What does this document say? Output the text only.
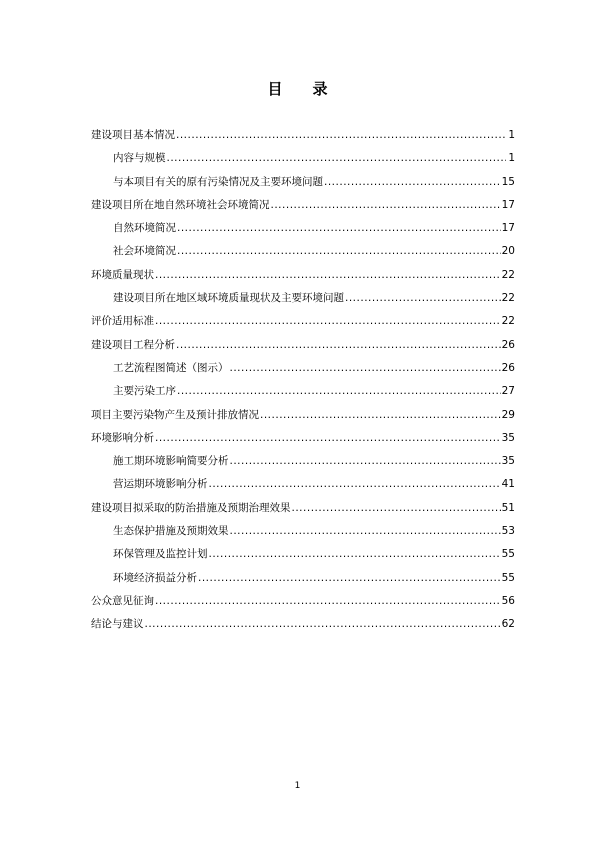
目 录
建设项目基本情况 .....	1
内容与规模 .....	1
与本项目有关的原有污染情况及主要环境问题 .....	15
建设项目所在地自然环境社会环境简况 .....	17
自然环境简况 .....	17
社会环境简况 .....	20
环境质量现状 .....	22
建设项目所在地区域环境质量现状及主要环境问题 .....	22
评价适用标准 .....	22
建设项目工程分析 .....	26
工艺流程图简述（图示） .....	26
主要污染工序 .....	27
项目主要污染物产生及预计排放情况 .....	29
环境影响分析 .....	35
施工期环境影响简要分析 .....	35
营运期环境影响分析 .....	41
建设项目拟采取的防治措施及预期治理效果 .....	51
生态保护措施及预期效果 .....	53
环保管理及监控计划 .....	55
环境经济损益分析 .....	55
公众意见征询 .....	56
结论与建议 .....	62
1
